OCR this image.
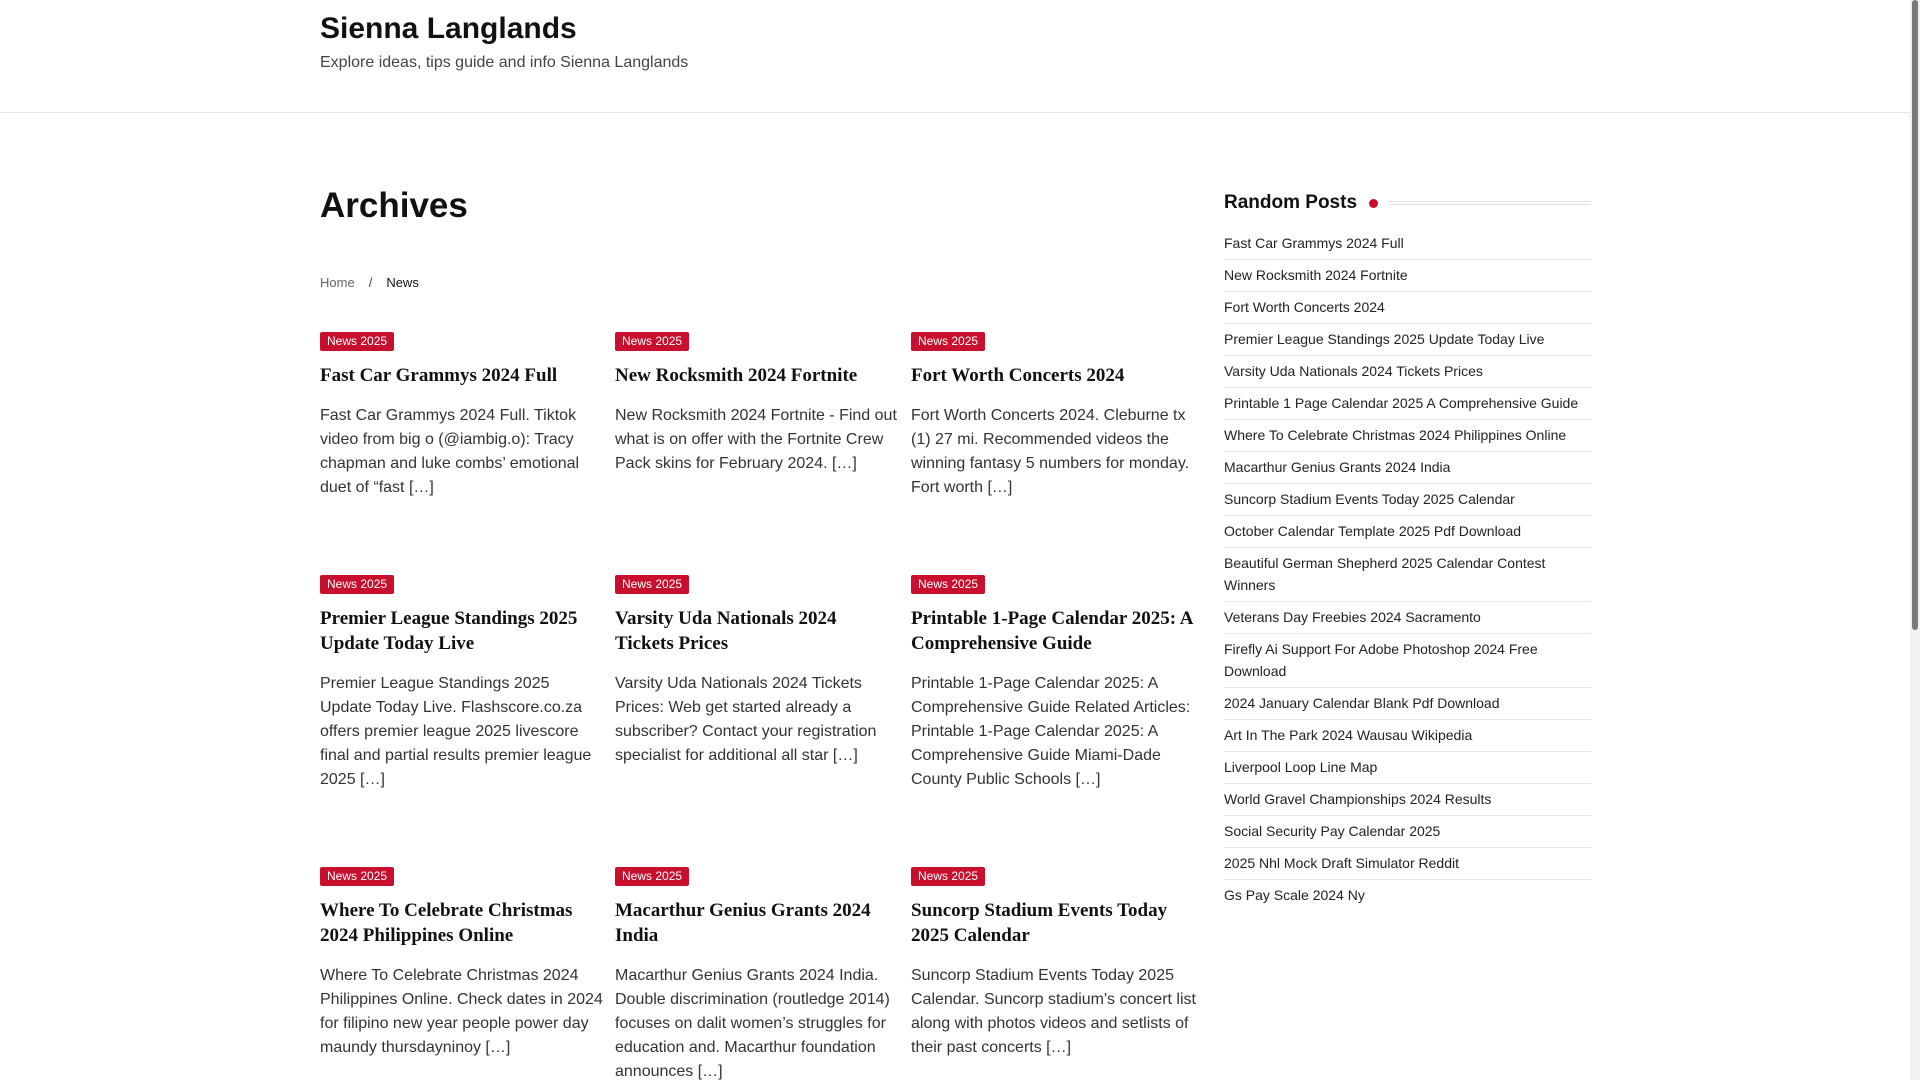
Sienna Langlands
Explore ideas, tips guide and info Sienna Langlands
Archives
Home / News
News 2025
Fast Car Grammys 2024 Full

Fast Car Grammys 2024 Full. Tiktok video from big o (@iambig.o): Tracy chapman and luke combs’ emotional duet of “fast […]

News 2025
New Rocksmith 2024 Fortnite

New Rocksmith 2024 Fortnite - Find out what is on offer with the Fortnite Crew Pack skins for February 2024. […]

News 2025
Fort Worth Concerts 2024

Fort Worth Concerts 2024. Cleburne tx (1) 27 mi. Recommended videos the winning fantasy 5 numbers for monday. Fort worth […]

News 2025
Premier League Standings 2025 Update Today Live

Premier League Standings 2025 Update Today Live. Flashscore.co.za offers premier league 2025 livescore final and partial results premier league 2025 […]

News 2025
Varsity Uda Nationals 2024 Tickets Prices

Varsity Uda Nationals 2024 Tickets Prices: Web get started already a subscriber? Contact your registration specialist for additional all star […]

News 2025
Printable 1-Page Calendar 2025: A Comprehensive Guide

Printable 1-Page Calendar 2025: A Comprehensive Guide Related Articles: Printable 1-Page Calendar 2025: A Comprehensive Guide Miami-Dade County Public Schools […]

News 2025
Where To Celebrate Christmas 2024 Philippines Online

Where To Celebrate Christmas 2024 Philippines Online. Check dates in 2024 for filipino new year people power day maundy thursdayninoy […]

News 2025
Macarthur Genius Grants 2024 India

Macarthur Genius Grants 2024 India. Double discrimination (routledge 2014) focuses on dalit women’s struggles for education and. Macarthur foundation announces […]

News 2025
Suncorp Stadium Events Today 2025 Calendar

Suncorp Stadium Events Today 2025 Calendar. Suncorp stadium's concert list along with photos videos and setlists of their past concerts […]

Random Posts
Fast Car Grammys 2024 Full
New Rocksmith 2024 Fortnite
Fort Worth Concerts 2024
Premier League Standings 2025 Update Today Live
Varsity Uda Nationals 2024 Tickets Prices
Printable 1 Page Calendar 2025 A Comprehensive Guide
Where To Celebrate Christmas 2024 Philippines Online
Macarthur Genius Grants 2024 India
Suncorp Stadium Events Today 2025 Calendar
October Calendar Template 2025 Pdf Download
Beautiful German Shepherd 2025 Calendar Contest Winners
Veterans Day Freebies 2024 Sacramento
Firefly Ai Support For Adobe Photoshop 2024 Free Download
2024 January Calendar Blank Pdf Download
Art In The Park 2024 Wausau Wikipedia
Liverpool Loop Line Map
World Gravel Championships 2024 Results
Social Security Pay Calendar 2025
2025 Nhl Mock Draft Simulator Reddit
Gs Pay Scale 2024 Ny
